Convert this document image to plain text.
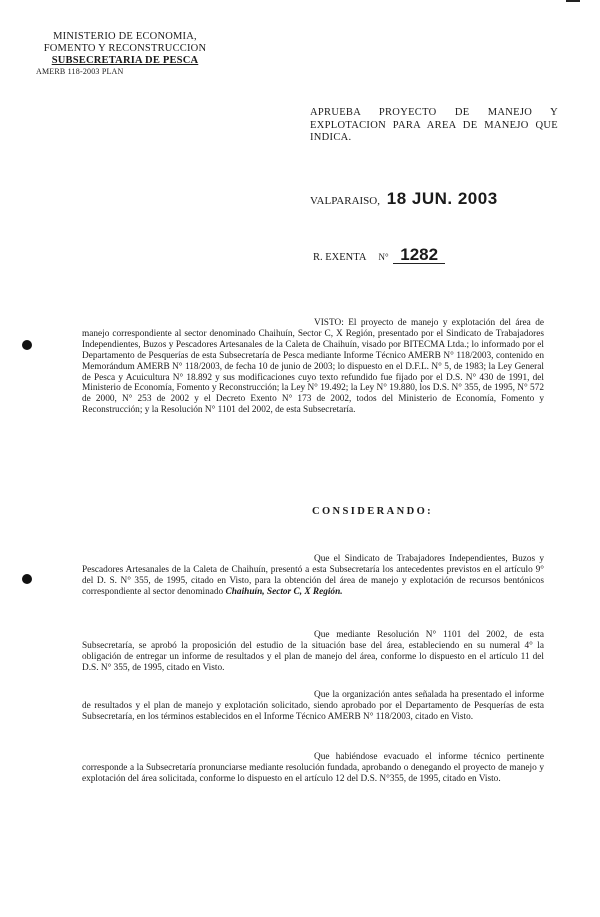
MINISTERIO DE ECONOMIA,
FOMENTO Y RECONSTRUCCION
SUBSECRETARIA DE PESCA
AMERB 118-2003 PLAN
APRUEBA PROYECTO DE MANEJO Y EXPLOTACION PARA AREA DE MANEJO QUE INDICA.
VALPARAISO, 18 JUN. 2003
R. EXENTA N° 1282
VISTO: El proyecto de manejo y explotación del área de manejo correspondiente al sector denominado Chaihuín, Sector C, X Región, presentado por el Sindicato de Trabajadores Independientes, Buzos y Pescadores Artesanales de la Caleta de Chaihuín, visado por BITECMA Ltda.; lo informado por el Departamento de Pesquerías de esta Subsecretaría de Pesca mediante Informe Técnico AMERB N° 118/2003, contenido en Memorándum AMERB N° 118/2003, de fecha 10 de junio de 2003; lo dispuesto en el D.F.L. N° 5, de 1983; la Ley General de Pesca y Acuicultura N° 18.892 y sus modificaciones cuyo texto refundido fue fijado por el D.S. N° 430 de 1991, del Ministerio de Economía, Fomento y Reconstrucción; la Ley N° 19.492; la Ley N° 19.880, los D.S. N° 355, de 1995, N° 572 de 2000, N° 253 de 2002 y el Decreto Exento N° 173 de 2002, todos del Ministerio de Economía, Fomento y Reconstrucción; y la Resolución N° 1101 del 2002, de esta Subsecretaría.
CONSIDERANDO:
Que el Sindicato de Trabajadores Independientes, Buzos y Pescadores Artesanales de la Caleta de Chaihuín, presentó a esta Subsecretaría los antecedentes previstos en el artículo 9° del D. S. N° 355, de 1995, citado en Visto, para la obtención del área de manejo y explotación de recursos bentónicos correspondiente al sector denominado Chaihuín, Sector C, X Región.
Que mediante Resolución N° 1101 del 2002, de esta Subsecretaría, se aprobó la proposición del estudio de la situación base del área, estableciendo en su numeral 4° la obligación de entregar un informe de resultados y el plan de manejo del área, conforme lo dispuesto en el artículo 11 del D.S. N° 355, de 1995, citado en Visto.
Que la organización antes señalada ha presentado el informe de resultados y el plan de manejo y explotación solicitado, siendo aprobado por el Departamento de Pesquerías de esta Subsecretaría, en los términos establecidos en el Informe Técnico AMERB N° 118/2003, citado en Visto.
Que habiéndose evacuado el informe técnico pertinente corresponde a la Subsecretaría pronunciarse mediante resolución fundada, aprobando o denegando el proyecto de manejo y explotación del área solicitada, conforme lo dispuesto en el artículo 12 del D.S. N°355, de 1995, citado en Visto.
